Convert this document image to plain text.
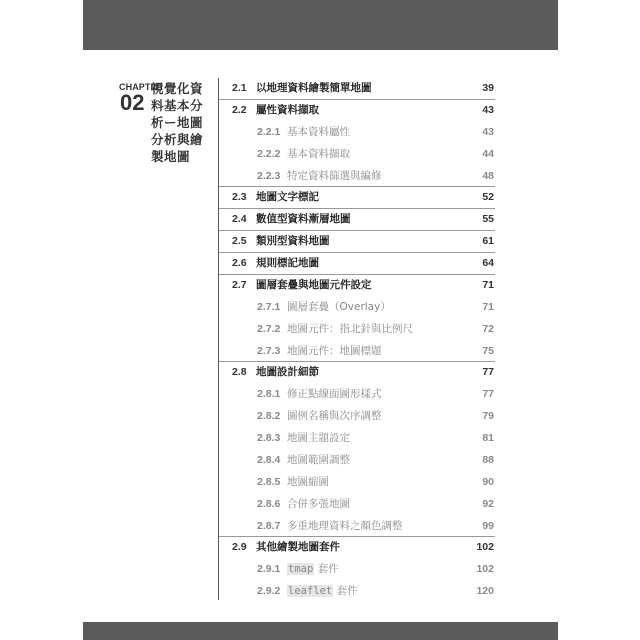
CHAPTER
02
視覺化資
料基本分
析ー地圖
分析與繪
製地圖
2.1 以地理資料繪製簡單地圖	39
2.2 屬性資料擷取	43
2.2.1 基本資料屬性	43
2.2.2 基本資料擷取	44
2.2.3 特定資料篩選與編修	48
2.3 地圖文字標記	52
2.4 數值型資料漸層地圖	55
2.5 類別型資料地圖	61
2.6 規則標記地圖	64
2.7 圖層套疊與地圖元件設定	71
2.7.1 圖層套疊（Overlay）	71
2.7.2 地圖元件：指北針與比例尺	72
2.7.3 地圖元件：地圖標題	75
2.8 地圖設計細節	77
2.8.1 修正點線面圖形樣式	77
2.8.2 圖例名稱與次序調整	79
2.8.3 地圖主題設定	81
2.8.4 地圖範圍調整	88
2.8.5 地圖縮圖	90
2.8.6 合併多張地圖	92
2.8.7 多重地理資料之顏色調整	99
2.9 其他繪製地圖套件	102
2.9.1 tmap 套件	102
2.9.2 leaflet 套件	120
